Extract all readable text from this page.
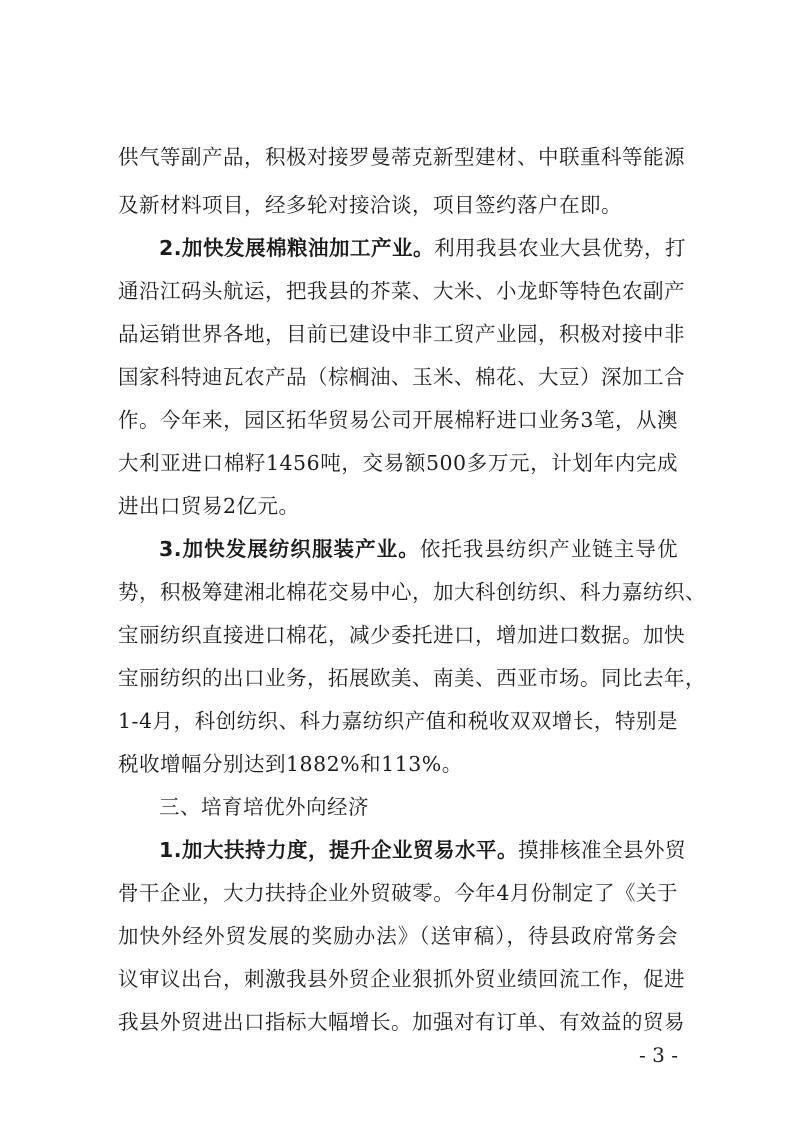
供气等副产品，积极对接罗曼蒂克新型建材、中联重科等能源
及新材料项目，经多轮对接洽谈，项目签约落户在即。
2.加快发展棉粮油加工产业。利用我县农业大县优势，打
通沿江码头航运，把我县的芥菜、大米、小龙虾等特色农副产
品运销世界各地，目前已建设中非工贸产业园，积极对接中非
国家科特迪瓦农产品（棕榈油、玉米、棉花、大豆）深加工合
作。今年来，园区拓华贸易公司开展棉籽进口业务3笔，从澳
大利亚进口棉籽1456吨，交易额500多万元，计划年内完成
进出口贸易2亿元。
3.加快发展纺织服装产业。依托我县纺织产业链主导优
势，积极筹建湘北棉花交易中心，加大科创纺织、科力嘉纺织、
宝丽纺织直接进口棉花，减少委托进口，增加进口数据。加快
宝丽纺织的出口业务，拓展欧美、南美、西亚市场。同比去年，
1-4月，科创纺织、科力嘉纺织产值和税收双双增长，特别是
税收增幅分别达到1882%和113%。
三、培育培优外向经济
1.加大扶持力度，提升企业贸易水平。摸排核准全县外贸
骨干企业，大力扶持企业外贸破零。今年4月份制定了《关于
加快外经外贸发展的奖励办法》（送审稿），待县政府常务会
议审议出台，刺激我县外贸企业狠抓外贸业绩回流工作，促进
我县外贸进出口指标大幅增长。加强对有订单、有效益的贸易
- 3 -
